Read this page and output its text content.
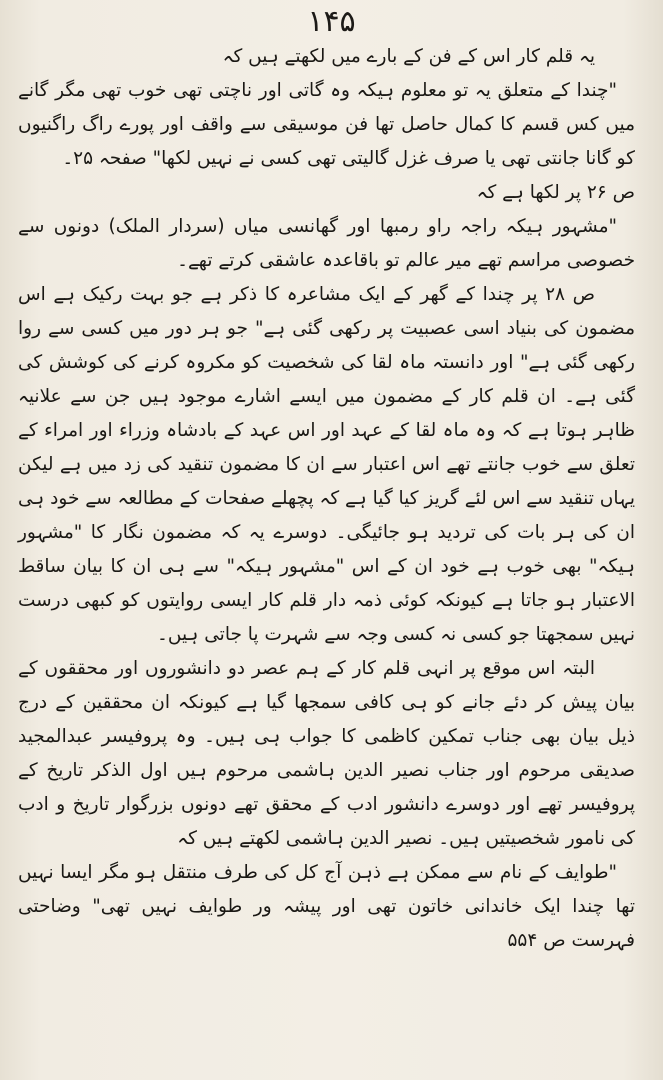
۱۴۵

یہ قلم کار اس کے فن کے بارے میں لکھتے ہیں کہ

"چندا کے متعلق یہ تو معلوم ہیکہ وہ گاتی اور ناچتی تھی خوب تھی مگر گانے میں کس قسم کا کمال حاصل تھا فن موسیقی سے واقف اور پورے راگ راگنیوں کو گانا جانتی تھی یا صرف غزل گالیتی تھی کسی نے نہیں لکھا" صفحہ ۲۵۔

ص ۲۶ پر لکھا ہے کہ

"مشہور ہیکہ راجہ راو رمبھا اور گھانسی میاں (سردار الملک) دونوں سے خصوصی مراسم تھے میر عالم تو باقاعدہ عاشقی کرتے تھے۔

ص ۲۸ پر چندا کے گھر کے ایک مشاعرہ کا ذکر ہے جو بہت رکیک ہے اس مضمون کی بنیاد اسی عصبیت پر رکھی گئی ہے" جو ہر دور میں کسی سے روا رکھی گئی ہے" اور دانستہ ماہ لقا کی شخصیت کو مکروہ کرنے کی کوشش کی گئی ہے۔ ان قلم کار کے مضمون میں ایسے اشارے موجود ہیں جن سے علانیہ ظاہر ہوتا ہے کہ وہ ماہ لقا کے عہد اور اس عہد کے بادشاہ وزراء اور امراء کے تعلق سے خوب جانتے تھے اس اعتبار سے ان کا مضمون تنقید کی زد میں ہے لیکن یہاں تنقید سے اس لئے گریز کیا گیا ہے کہ پچھلے صفحات کے مطالعہ سے خود ہی ان کی ہر بات کی تردید ہو جائیگی۔ دوسرے یہ کہ مضمون نگار کا "مشہور ہیکہ" بھی خوب ہے خود ان کے اس "مشہور ہیکہ" سے ہی ان کا بیان ساقط الاعتبار ہو جاتا ہے کیونکہ کوئی ذمہ دار قلم کار ایسی روایتوں کو کبھی درست نہیں سمجھتا جو کسی نہ کسی وجہ سے شہرت پا جاتی ہیں۔

البتہ اس موقع پر انہی قلم کار کے ہم عصر دو دانشوروں اور محققوں کے بیان پیش کر دئے جانے کو ہی کافی سمجھا گیا ہے کیونکہ ان محققین کے درج ذیل بیان بھی جناب تمکین کاظمی کا جواب ہی ہیں۔ وہ پروفیسر عبدالمجید صدیقی مرحوم اور جناب نصیر الدین ہاشمی مرحوم ہیں اول الذکر تاریخ کے پروفیسر تھے اور دوسرے دانشور ادب کے محقق تھے دونوں بزرگوار تاریخ و ادب کی نامور شخصیتیں ہیں۔ نصیر الدین ہاشمی لکھتے ہیں کہ

"طوایف کے نام سے ممکن ہے ذہن آج کل کی طرف منتقل ہو مگر ایسا نہیں تھا چندا ایک خاندانی خاتون تھی اور پیشہ ور طوایف نہیں تھی" وضاحتی فہرست ص ۵۵۴
